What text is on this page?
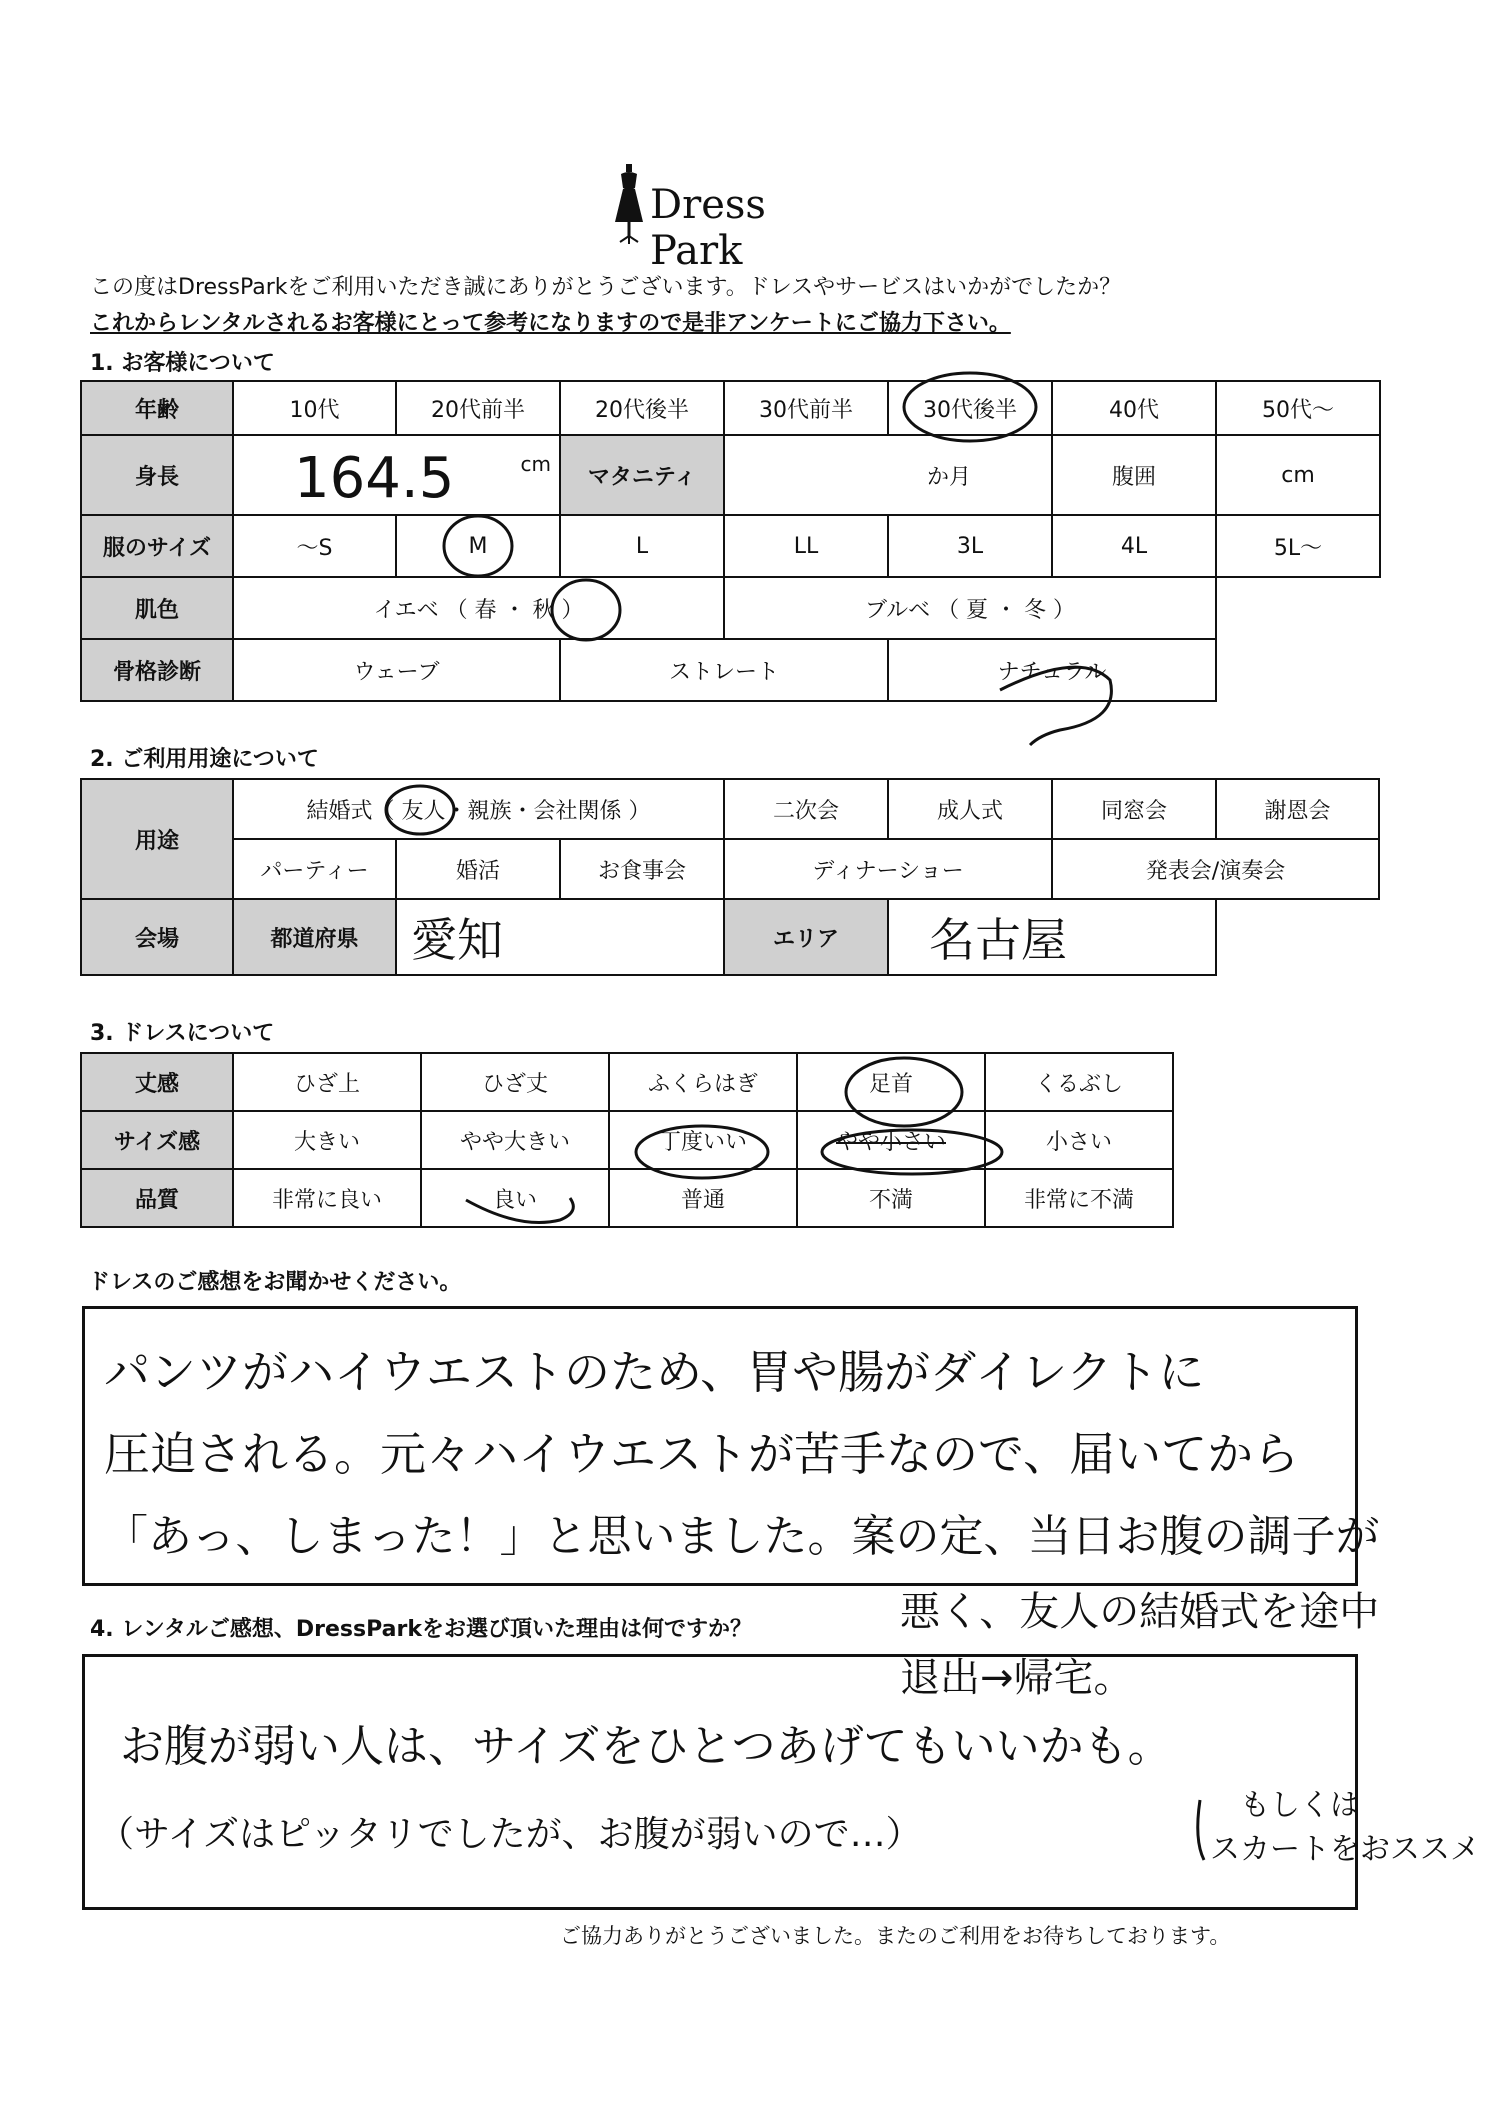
Dress Park
この度はDressParkをご利用いただき誠にありがとうございます。ドレスやサービスはいかがでしたか？
これからレンタルされるお客様にとって参考になりますので是非アンケートにご協力下さい。
1. お客様について
年齢	10代	20代前半	20代後半	30代前半	30代後半	40代	50代～
身長	164.5 cm		マタニティ	か月		腹囲	cm
服のサイズ	～S	M	L	LL	3L	4L	5L～
肌色	イエベ （ 春 ・ 秋 ）			ブルベ （ 夏 ・ 冬 ）			
骨格診断	ウェーブ		ストレート		ナチュラル		
2. ご利用用途について
用途	結婚式（ 友人・親族・会社関係 ）			二次会	成人式	同窓会	謝恩会
	パーティー	婚活	お食事会	ディナーショー		発表会/演奏会	
会場	都道府県	愛知		エリア	名古屋		
3. ドレスについて
丈感	ひざ上	ひざ丈	ふくらはぎ	足首	くるぶし
サイズ感	大きい	やや大きい	丁度いい	やや小さい	小さい
品質	非常に良い	良い	普通	不満	非常に不満
ドレスのご感想をお聞かせください。
パンツがハイウエストのため、胃や腸がダイレクトに
圧迫される。元々ハイウエストが苦手なので、届いてから
「あっ、しまった！」と思いました。案の定、当日お腹の調子が
悪く、友人の結婚式を途中
退出→帰宅。
4. レンタルご感想、DressParkをお選び頂いた理由は何ですか？
お腹が弱い人は、サイズをひとつあげてもいいかも。
（サイズはピッタリでしたが、お腹が弱いので…）
もしくは
スカートをおススメ
ご協力ありがとうございました。またのご利用をお待ちしております。
